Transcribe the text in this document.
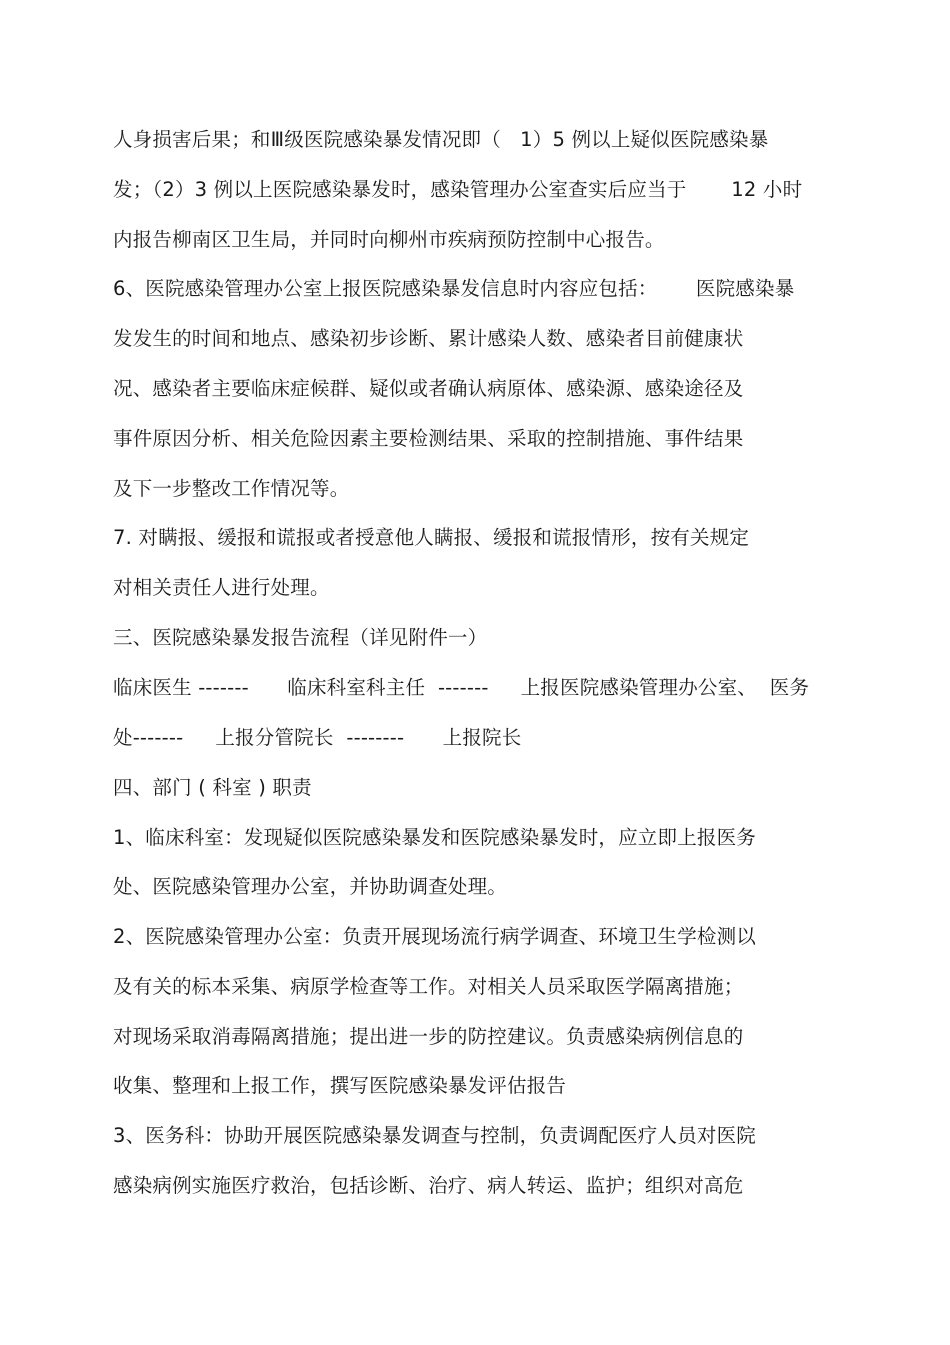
人身损害后果；和Ⅲ级医院感染暴发情况即（   1）5 例以上疑似医院感染暴
发；（2）3 例以上医院感染暴发时，感染管理办公室查实后应当于       12 小时
内报告柳南区卫生局，并同时向柳州市疾病预防控制中心报告。
6、医院感染管理办公室上报医院感染暴发信息时内容应包括：      医院感染暴
发发生的时间和地点、感染初步诊断、累计感染人数、感染者目前健康状
况、感染者主要临床症候群、疑似或者确认病原体、感染源、感染途径及
事件原因分析、相关危险因素主要检测结果、采取的控制措施、事件结果
及下一步整改工作情况等。
7. 对瞒报、缓报和谎报或者授意他人瞒报、缓报和谎报情形，按有关规定
对相关责任人进行处理。
三、医院感染暴发报告流程（详见附件一）
临床医生 -------      临床科室科主任  -------     上报医院感染管理办公室、  医务
处-------     上报分管院长  --------      上报院长
四、部门 ( 科室 ) 职责
1、临床科室：发现疑似医院感染暴发和医院感染暴发时，应立即上报医务
处、医院感染管理办公室，并协助调查处理。
2、医院感染管理办公室：负责开展现场流行病学调查、环境卫生学检测以
及有关的标本采集、病原学检查等工作。对相关人员采取医学隔离措施；
对现场采取消毒隔离措施；提出进一步的防控建议。负责感染病例信息的
收集、整理和上报工作，撰写医院感染暴发评估报告
3、医务科：协助开展医院感染暴发调查与控制，负责调配医疗人员对医院
感染病例实施医疗救治，包括诊断、治疗、病人转运、监护；组织对高危
